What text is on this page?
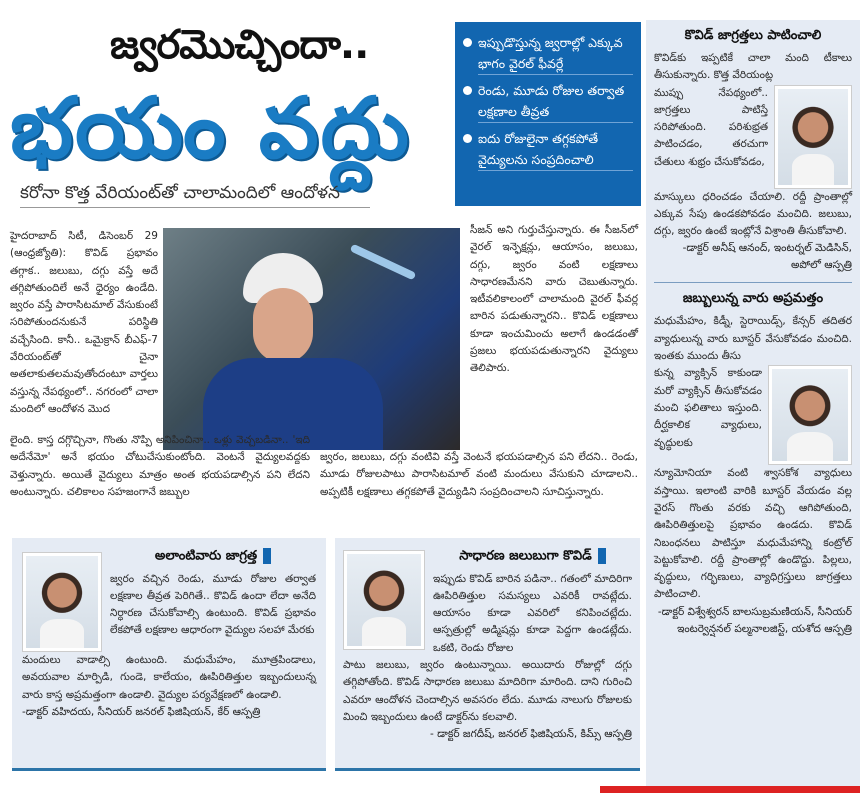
జ్వరమొచ్చిందా..
భయం వద్దు
కరోనా కొత్త వేరియంట్‌తో చాలామందిలో ఆందోళన
ఇప్పుడొస్తున్న జ్వరాల్లో ఎక్కువ భాగం వైరల్ ఫీవర్లే
రెండు, మూడు రోజుల తర్వాత లక్షణాల తీవ్రత
ఐదు రోజులైనా తగ్గకపోతే వైద్యులను సంప్రదించాలి
హైదరాబాద్ సిటీ, డిసెంబర్ 29 (ఆంధ్రజ్యోతి): కొవిడ్ ప్రభావం తగ్గాక.. జలుబు, దగ్గు వస్తే అదే తగ్గిపోతుందిలే అనే ధైర్యం ఉండేది. జ్వరం వస్తే పారాసిటమాల్ వేసుకుంటే సరిపోతుందనుకునే పరిస్థితి వచ్చేసింది. కానీ.. ఒమైక్రాన్ బీఎఫ్-7 వేరియంట్‌తో చైనా అతలాకుతలమవుతోందంటూ వార్తలు వస్తున్న నేపథ్యంలో.. నగరంలో చాలా మందిలో ఆందోళన మొద
సీజన్ అని గుర్తుచేస్తున్నారు. ఈ సీజన్‌లో వైరల్ ఇన్ఫెక్షన్లు, ఆయాసం, జలుబు, దగ్గు, జ్వరం వంటి లక్షణాలు సాధారణమేనని వారు చెబుతున్నారు. ఇటీవలికాలంలో చాలామంది వైరల్ ఫీవర్ల బారిన పడుతున్నారని.. కొవిడ్ లక్షణాలు కూడా ఇంచుమించు అలాగే ఉండడంతో ప్రజలు భయపడుతున్నారని వైద్యులు తెలిపారు.
లైంది. కాస్త దగ్గొచ్చినా, గొంతు నొప్పి అనిపించినా.. ఒళ్లు వెచ్చబడినా.. 'ఇది అదేనేమో' అనే భయం చోటుచేసుకుంటోంది. వెంటనే వైద్యులవద్దకు వెళ్తున్నారు. అయితే వైద్యులు మాత్రం అంత భయపడాల్సిన పని లేదని అంటున్నారు. చలికాలం సహజంగానే జబ్బుల
జ్వరం, జలుబు, దగ్గు వంటివి వస్తే వెంటనే భయపడాల్సిన పని లేదని.. రెండు, మూడు రోజులపాటు పారాసిటమాల్ వంటి మందులు వేసుకుని చూడాలని.. అప్పటికీ లక్షణాలు తగ్గకపోతే వైద్యుడిని సంప్రదించాలని సూచిస్తున్నారు.
కొవిడ్ జాగ్రత్తలు పాటించాలి
కొవిడ్‌కు ఇప్పటికే చాలా మంది టీకాలు తీసుకున్నారు. కొత్త వేరియంట్ల
ముప్పు నేపథ్యంలో.. జాగ్రత్తలు పాటిస్తే సరిపోతుంది. పరిశుభ్రత పాటించడం, తరచుగా చేతులు శుభ్రం చేసుకోవడం,
మాస్కులు ధరించడం చేయాలి. రద్దీ ప్రాంతాల్లో ఎక్కువ సేపు ఉండకపోవడం మంచిది. జలుబు, దగ్గు, జ్వరం ఉంటే ఇంట్లోనే విశ్రాంతి తీసుకోవాలి.
-డాక్టర్ అనీష్ ఆనంద్, ఇంటర్నల్ మెడిసిన్, అపోలో ఆస్పత్రి
జబ్బులున్న వారు అప్రమత్తం
మధుమేహం, కిడ్నీ, స్టెరాయిడ్స్, కేన్సర్ తదితర వ్యాధులున్న వారు బూస్టర్ వేసుకోవడం మంచిది. ఇంతకు ముందు తీసు
కున్న వ్యాక్సిన్ కాకుండా మరో వ్యాక్సిన్ తీసుకోవడం మంచి ఫలితాలు ఇస్తుంది. దీర్ఘకాలిక వ్యాధులు, వృద్ధులకు
న్యూమోనియా వంటి శ్వాసకోశ వ్యాధులు వస్తాయి. ఇలాంటి వారికి బూస్టర్ వేయడం వల్ల వైరస్ గొంతు వరకు వచ్చి ఆగిపోతుంది, ఊపిరితిత్తులపై ప్రభావం ఉండదు. కొవిడ్ నిబంధనలు పాటిస్తూ మధుమేహాన్ని కంట్రోల్ పెట్టుకోవాలి. రద్దీ ప్రాంతాల్లో ఉండొద్దు. పిల్లలు, వృద్ధులు, గర్భిణులు, వ్యాధిగ్రస్తులు జాగ్రత్తలు పాటించాలి.
-డాక్టర్ విశ్వేశ్వరన్ బాలసుబ్రమణియన్, సీనియర్ ఇంటర్వెన్షనల్ పల్మనాలజిస్ట్, యశోద ఆస్పత్రి
అలాంటివారు జాగ్రత్త
జ్వరం వచ్చిన రెండు, మూడు రోజుల తర్వాత లక్షణాల తీవ్రత పెరిగితే.. కొవిడ్ ఉందా లేదా అనేది నిర్ధారణ చేసుకోవాల్సి ఉంటుంది. కొవిడ్ ప్రభావం లేకపోతే లక్షణాల ఆధారంగా వైద్యుల సలహా మేరకు
మందులు వాడాల్సి ఉంటుంది. మధుమేహం, మూత్రపిండాలు, అవయవాల మార్పిడి, గుండె, కాలేయం, ఊపిరితిత్తుల ఇబ్బందులున్న వారు కాస్త అప్రమత్తంగా ఉండాలి. వైద్యుల పర్యవేక్షణలో ఉండాలి.
-డాక్టర్ వహిదయ, సీనియర్ జనరల్ ఫిజిషియన్, కేర్ ఆస్పత్రి
సాధారణ జలుబుగా కొవిడ్
ఇప్పుడు కొవిడ్ బారిన పడినా.. గతంలో మాదిరిగా ఊపిరితిత్తుల సమస్యలు ఎవరికీ రావట్లేదు. ఆయాసం కూడా ఎవరిలో కనిపించట్లేదు. ఆస్పత్రుల్లో అడ్మిషన్లు కూడా పెద్దగా ఉండట్లేదు. ఒకటి, రెండు రోజుల
పాటు జలుబు, జ్వరం ఉంటున్నాయి. అయిదారు రోజుల్లో దగ్గు తగ్గిపోతోంది. కొవిడ్ సాధారణ జలుబు మాదిరిగా మారింది. దాని గురించి ఎవరూ ఆందోళన చెందాల్సిన అవసరం లేదు. మూడు నాలుగు రోజులకు మించి ఇబ్బందులు ఉంటే డాక్టర్‌ను కలవాలి.
- డాక్టర్ జగదీష్, జనరల్ ఫిజిషియన్, కిమ్స్ ఆస్పత్రి
